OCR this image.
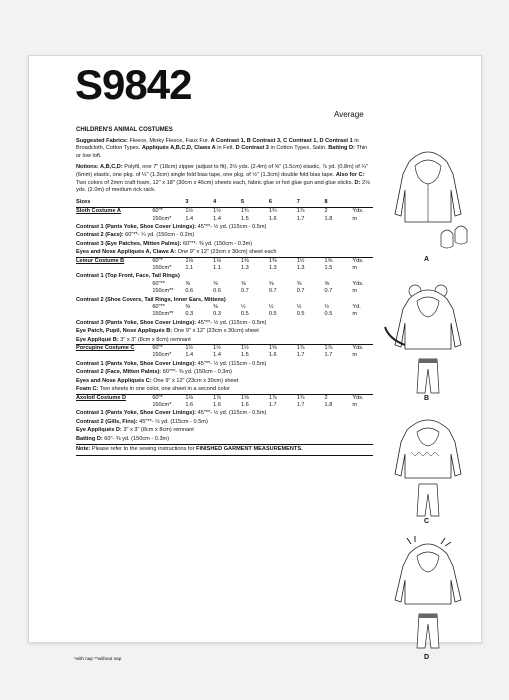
S9842
Average
CHILDREN'S ANIMAL COSTUMES

Suggested Fabrics: Fleece, Minky Fleece, Faux Fur. A Contrast 1, B Contrast 3, C Contrast 1, D Contrast 1 in Broadcloth, Cotton Types. Appliqués A,B,C,D, Claws A in Felt. D Contrast 3 in Cotton Types, Satin. Batting D: Thin or low loft.

Notions: A,B,C,D: Polyfil, one 7" (18cm) zipper (adjust to fit), 2⅔ yds. (2.4m) of ⅝" (1.5cm) elastic, ⅞ yd. (0.8m) of ¼" (6mm) elastic, one pkg. of ½" (1.3cm) single fold bias tape, one pkg. of ½" (1.3cm) double fold bias tape. Also for C: Two colors of 2mm craft foam, 12" x 18" (30cm x 46cm) sheets each, fabric glue or hot glue gun and glue sticks. D: 2⅛ yds. (2.0m) of medium rick rack.

Sizes		3	4	5	6	7	8	
Sloth Costume A	60"*	1½	1½	1¾	1¾	1⅞	2	Yds.
	150cm*	1.4	1.4	1.5	1.6	1.7	1.8	m
Contrast 1 (Pants Yoke, Shoe Cover Linings): 45"**- ½ yd. (115cm - 0.5m)								
Contrast 2 (Face): 60"**- ¼ yd. (150cm - 0.2m)								
Contrast 3 (Eye Patches, Mitten Palms): 60"**- ⅜ yd. (150cm - 0.3m)								
Eyes and Nose Appliqués A, Claws A: One 9" x 12" (23cm x 30cm) sheet each								
Lemur Costume B	60"*	1⅛	1⅛	1⅜	1⅜	1½	1⅝	Yds.
	150cm*	1.1	1.1	1.3	1.3	1.3	1.5	m
Contrast 1 (Top Front, Face, Tail Rings)								
	60"**	⅝	⅝	⅝	⅝	⅝	⅝	Yds.
	150cm**	0.6	0.6	0.7	0.7	0.7	0.7	m
Contrast 2 (Shoe Covers, Tail Rings, Inner Ears, Mittens)								
	60"**	⅜	⅜	½	½	½	½	Yd.
	150cm**	0.3	0.3	0.5	0.5	0.5	0.5	m
Contrast 3 (Pants Yoke, Shoe Cover Linings): 45"**- ½ yd. (115cm - 0.5m)								
Eye Patch, Pupil, Nose Appliqués B: One 9" x 12" (23cm x 30cm) sheet								
Eye Appliqué B: 3" x 3" (8cm x 8cm) remnant								
Porcupine Costume C	60"*	1½	1½	1½	1⅝	1⅞	1⅞	Yds.
	150cm*	1.4	1.4	1.5	1.6	1.7	1.7	m
Contrast 1 (Pants Yoke, Shoe Cover Linings): 45"**- ½ yd. (115cm - 0.5m)								
Contrast 2 (Face, Mitten Palms): 60"**- ⅜ yd. (150cm - 0.3m)								
Eyes and Nose Appliqués C: One 9" x 12" (23cm x 30cm) sheet								
Foam C: Two sheets in one color, one sheet in a second color								
Axolotl Costume D	60"*	1⅛	1⅞	1⅝	1⅞	1⅞	2	Yds.
	150cm*	1.6	1.6	1.6	1.7	1.7	1.8	m
Contrast 1 (Pants Yoke, Shoe Cover Linings): 45"**- ½ yd. (115cm - 0.5m)								
Contrast 2 (Gills, Fins): 45"**- ½ yd. (115cm - 0.5m)								
Eye Appliqués D: 3" x 3" (8cm x 8cm) remnant								
Batting D: 60"- ⅜ yd. (150cm - 0.3m)								
Note: Please refer to the sewing instructions for FINISHED GARMENT MEASUREMENTS.
*with nap **without nap
A
B
C
D
